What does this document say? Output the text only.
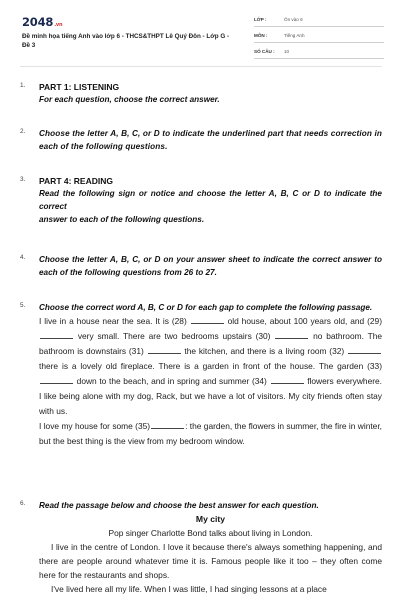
2048.vn
Đề minh họa tiếng Anh vào lớp 6 - THCS&THPT Lê Quý Đôn - Lớp G - Đề 3
LỚP :	Ôn vào 6
MÔN :	Tiếng Anh
SỐ CÂU : 10
1. PART 1: LISTENING
For each question, choose the correct answer.
2. Choose the letter A, B, C, or D to indicate the underlined part that needs correction in each of the following questions.
3. PART 4: READING
Read the following sign or notice and choose the letter A, B, C or D to indicate the correct
answer to each of the following questions.
4. Choose the letter A, B, C, or D on your answer sheet to indicate the correct answer to each of the following questions from 26 to 27.
5. Choose the correct word A, B, C or D for each gap to complete the following passage.
I live in a house near the sea. It is (28)	old house, about 100 years old, and (29)  very small. There are two bedrooms upstairs (30)	no bathroom. The bathroom is downstairs (31)	the kitchen, and there is a living room (32)  there is a lovely old fireplace. There is a garden in front of the house. The garden (33)  down to the beach, and in spring and summer (34)	flowers everywhere. I like being alone with my dog, Rack, but we have a lot of visitors. My city friends often stay with us.
I love my house for some (35)	: the garden, the flowers in summer, the fire in winter, but the best thing is the view from my bedroom window.
6. Read the passage below and choose the best answer for each question.
My city
Pop singer Charlotte Bond talks about living in London.

I live in the centre of London. I love it because there's always something happening, and there are people around whatever time it is. Famous people like it too – they often come here for the restaurants and shops.

I've lived here all my life. When I was little, I had singing lessons at a place
